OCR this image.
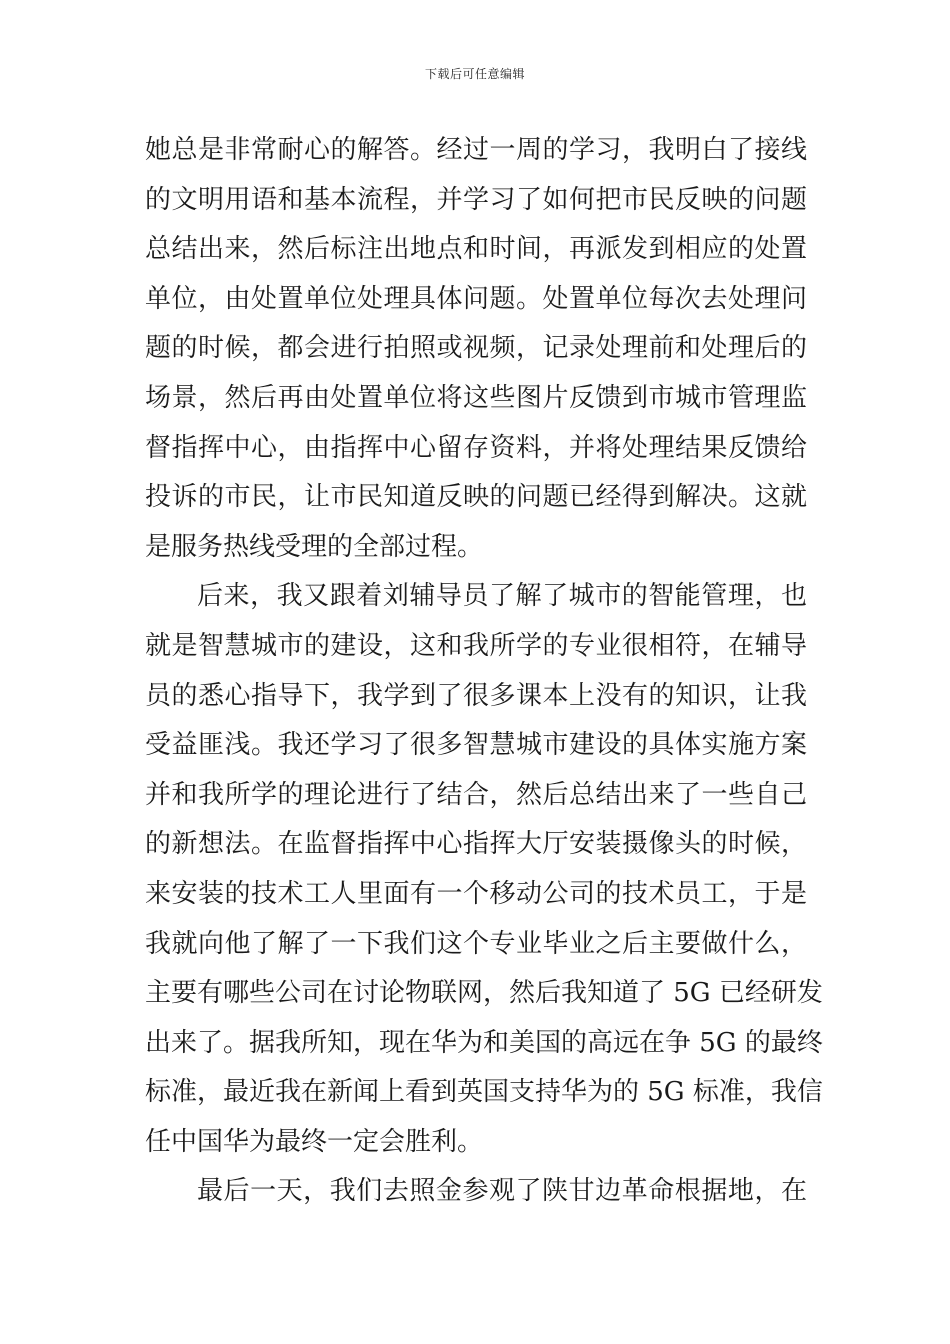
下载后可任意编辑
她总是非常耐心的解答。经过一周的学习，我明白了接线
的文明用语和基本流程，并学习了如何把市民反映的问题
总结出来，然后标注出地点和时间，再派发到相应的处置
单位，由处置单位处理具体问题。处置单位每次去处理问
题的时候，都会进行拍照或视频，记录处理前和处理后的
场景，然后再由处置单位将这些图片反馈到市城市管理监
督指挥中心，由指挥中心留存资料，并将处理结果反馈给
投诉的市民，让市民知道反映的问题已经得到解决。这就
是服务热线受理的全部过程。
后来，我又跟着刘辅导员了解了城市的智能管理，也
就是智慧城市的建设，这和我所学的专业很相符，在辅导
员的悉心指导下，我学到了很多课本上没有的知识，让我
受益匪浅。我还学习了很多智慧城市建设的具体实施方案
并和我所学的理论进行了结合，然后总结出来了一些自己
的新想法。在监督指挥中心指挥大厅安装摄像头的时候，
来安装的技术工人里面有一个移动公司的技术员工，于是
我就向他了解了一下我们这个专业毕业之后主要做什么，
主要有哪些公司在讨论物联网，然后我知道了 5G 已经研发
出来了。据我所知，现在华为和美国的高远在争 5G 的最终
标准，最近我在新闻上看到英国支持华为的 5G 标准，我信
任中国华为最终一定会胜利。
最后一天，我们去照金参观了陕甘边革命根据地，在
